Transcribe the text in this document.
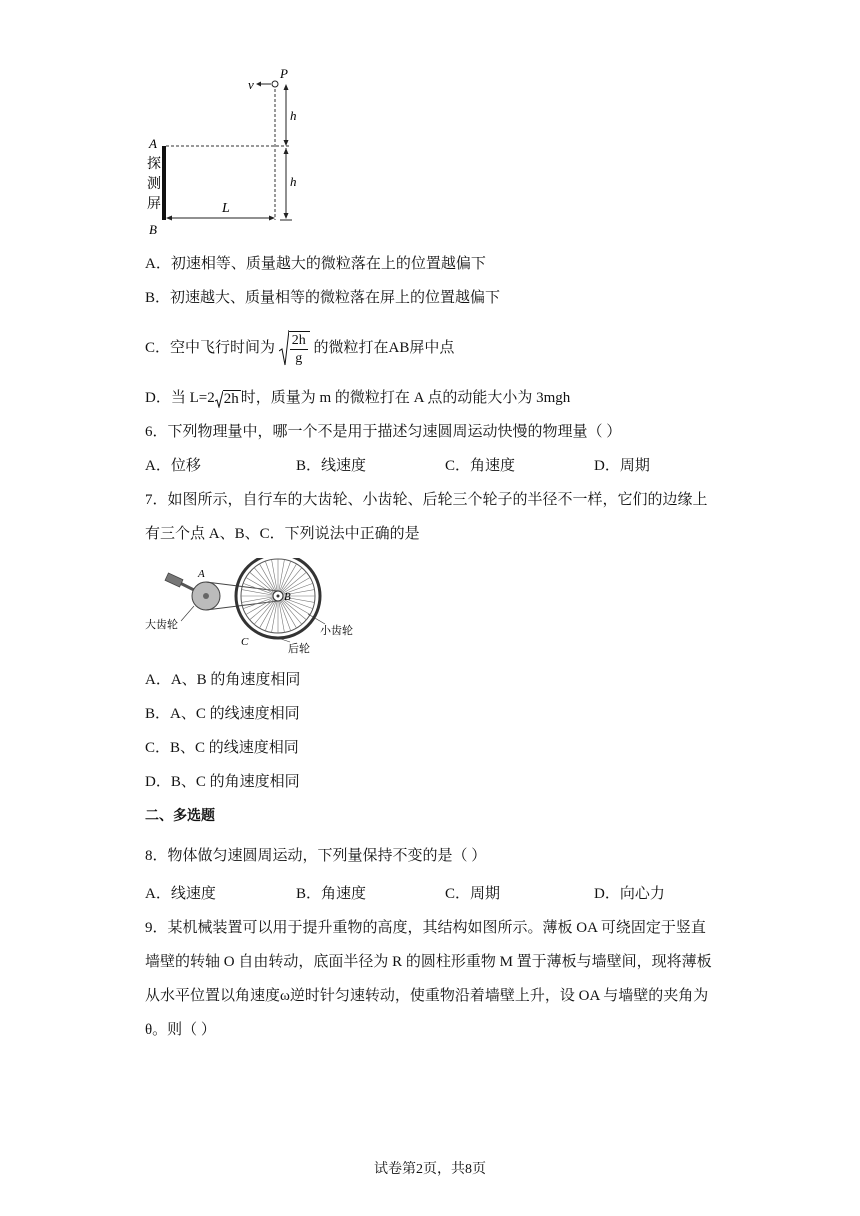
v
P
h
h
A
B
L
探
测
屏
A．初速相等、质量越大的微粒落在上的位置越偏下
B．初速越大、质量相等的微粒落在屏上的位置越偏下
C．空中飞行时间为 $\frac{2h}{g}$ 的微粒打在AB屏中点
D．当 L=2 2h 时，质量为 m 的微粒打在 A 点的动能大小为 3mgh
6．下列物理量中，哪一个不是用于描述匀速圆周运动快慢的物理量（ ）
A．位移	B．线速度	C．角速度	D．周期
7．如图所示，自行车的大齿轮、小齿轮、后轮三个轮子的半径不一样，它们的边缘上
有三个点 A、B、C．下列说法中正确的是
A
B
C
大齿轮	小齿轮
后轮
A．A、B 的角速度相同
B．A、C 的线速度相同
C．B、C 的线速度相同
D．B、C 的角速度相同
二、多选题
8．物体做匀速圆周运动，下列量保持不变的是（ ）
A．线速度	B．角速度	C．周期	D．向心力
9．某机械装置可以用于提升重物的高度，其结构如图所示。薄板 OA 可绕固定于竖直
墙壁的转轴 O 自由转动，底面半径为 R 的圆柱形重物 M 置于薄板与墙壁间，现将薄板
从水平位置以角速度ω逆时针匀速转动，使重物沿着墙壁上升，设 OA 与墙壁的夹角为
θ。则（ ）
试卷第2页，共8页
